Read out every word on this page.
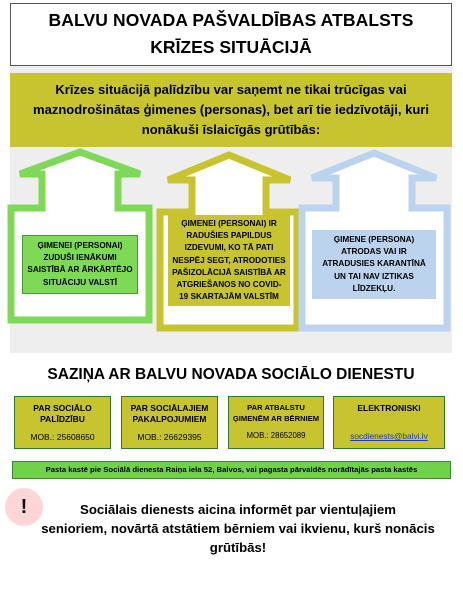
BALVU NOVADA PAŠVALDĪBAS ATBALSTS
KRĪZES SITUĀCIJĀ
Krīzes situācijā palīdzību var saņemt ne tikai trūcīgas vai
maznodrošinātas ģimenes (personas), bet arī tie iedzīvotāji, kuri
nonākuši īslaicīgās grūtībās:
ĢIMENEI (PERSONAI)
ZUDUŠI IENĀKUMI
SAISTĪBĀ AR ĀRKĀRTĒJO
SITUĀCIJU VALSTĪ
ĢIMENEI (PERSONAI) IR
RADUŠIES PAPILDUS
IZDEVUMI, KO TĀ PATI
NESPĒJ SEGT, ATRODOTIES
PAŠIZOLĀCIJĀ SAISTĪBĀ AR
ATGRIEŠANOS NO COVID-
19 SKARTAJĀM VALSTĪM
ĢIMENE (PERSONA)
ATRODAS VAI IR
ATRADUSIES KARANTĪNĀ
UN TAI NAV IZTIKAS
LĪDZEKĻU.
SAZIŅA AR BALVU NOVADA SOCIĀLO DIENESTU
PAR SOCIĀLO
PALĪDZĪBU
MOB.: 25608650
PAR SOCIĀLAJIEM
PAKALPOJUMIEM
MOB.: 26629395
PAR ATBALSTU
ĢIMENĒM AR BĒRNIEM
MOB.: 28652089
ELEKTRONISKI

socdienests@balvi.lv
Pasta kastē pie Sociālā dienesta Raiņa iela 52, Balvos, vai pagasta pārvaldēs norādītajās pasta kastēs
!	Sociālais dienests aicina informēt par vientuļajiem
senioriem, novārtā atstātiem bērniem vai ikvienu, kurš nonācis
grūtībās!
